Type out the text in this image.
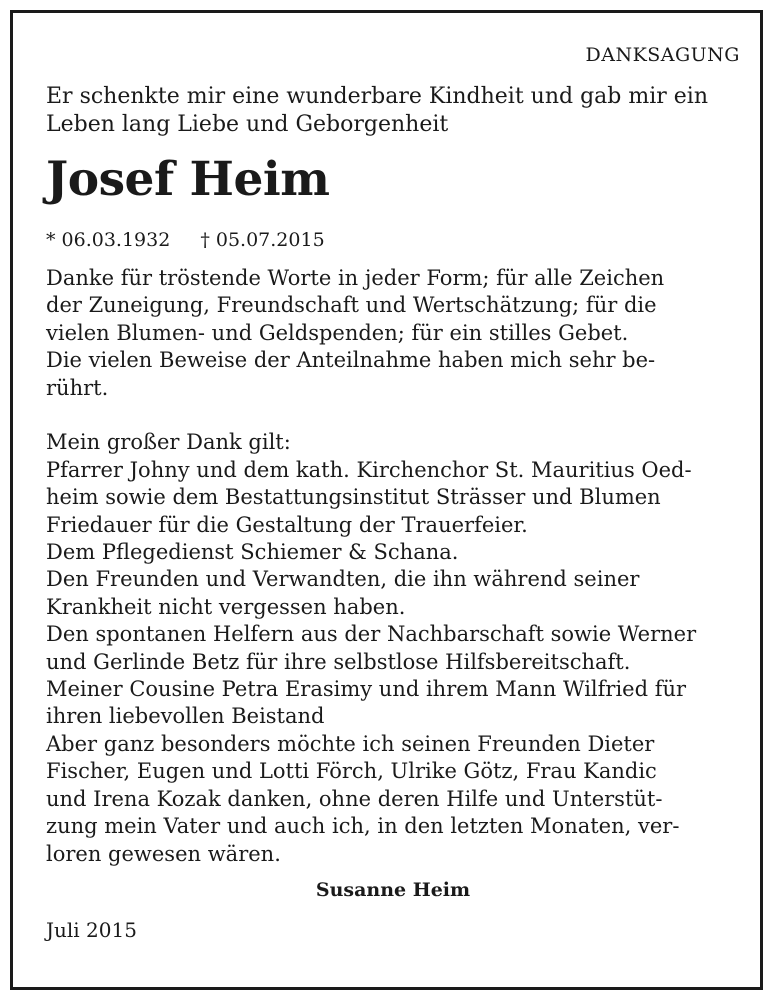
DANKSAGUNG
Er schenkte mir eine wunderbare Kindheit und gab mir ein
Leben lang Liebe und Geborgenheit
Josef Heim
* 06.03.1932 † 05.07.2015

Danke für tröstende Worte in jeder Form; für alle Zeichen

der Zuneigung, Freundschaft und Wertschätzung; für die

vielen Blumen- und Geldspenden; für ein stilles Gebet.

Die vielen Beweise der Anteilnahme haben mich sehr be-

rührt.

Mein großer Dank gilt:

Pfarrer Johny und dem kath. Kirchenchor St. Mauritius Oed-

heim sowie dem Bestattungsinstitut Strässer und Blumen

Friedauer für die Gestaltung der Trauerfeier.

Dem Pflegedienst Schiemer & Schana.

Den Freunden und Verwandten, die ihn während seiner

Krankheit nicht vergessen haben.

Den spontanen Helfern aus der Nachbarschaft sowie Werner

und Gerlinde Betz für ihre selbstlose Hilfsbereitschaft.

Meiner Cousine Petra Erasimy und ihrem Mann Wilfried für

ihren liebevollen Beistand

Aber ganz besonders möchte ich seinen Freunden Dieter

Fischer, Eugen und Lotti Förch, Ulrike Götz, Frau Kandic

und Irena Kozak danken, ohne deren Hilfe und Unterstüt-

zung mein Vater und auch ich, in den letzten Monaten, ver-

loren gewesen wären.

Susanne Heim
Juli 2015
